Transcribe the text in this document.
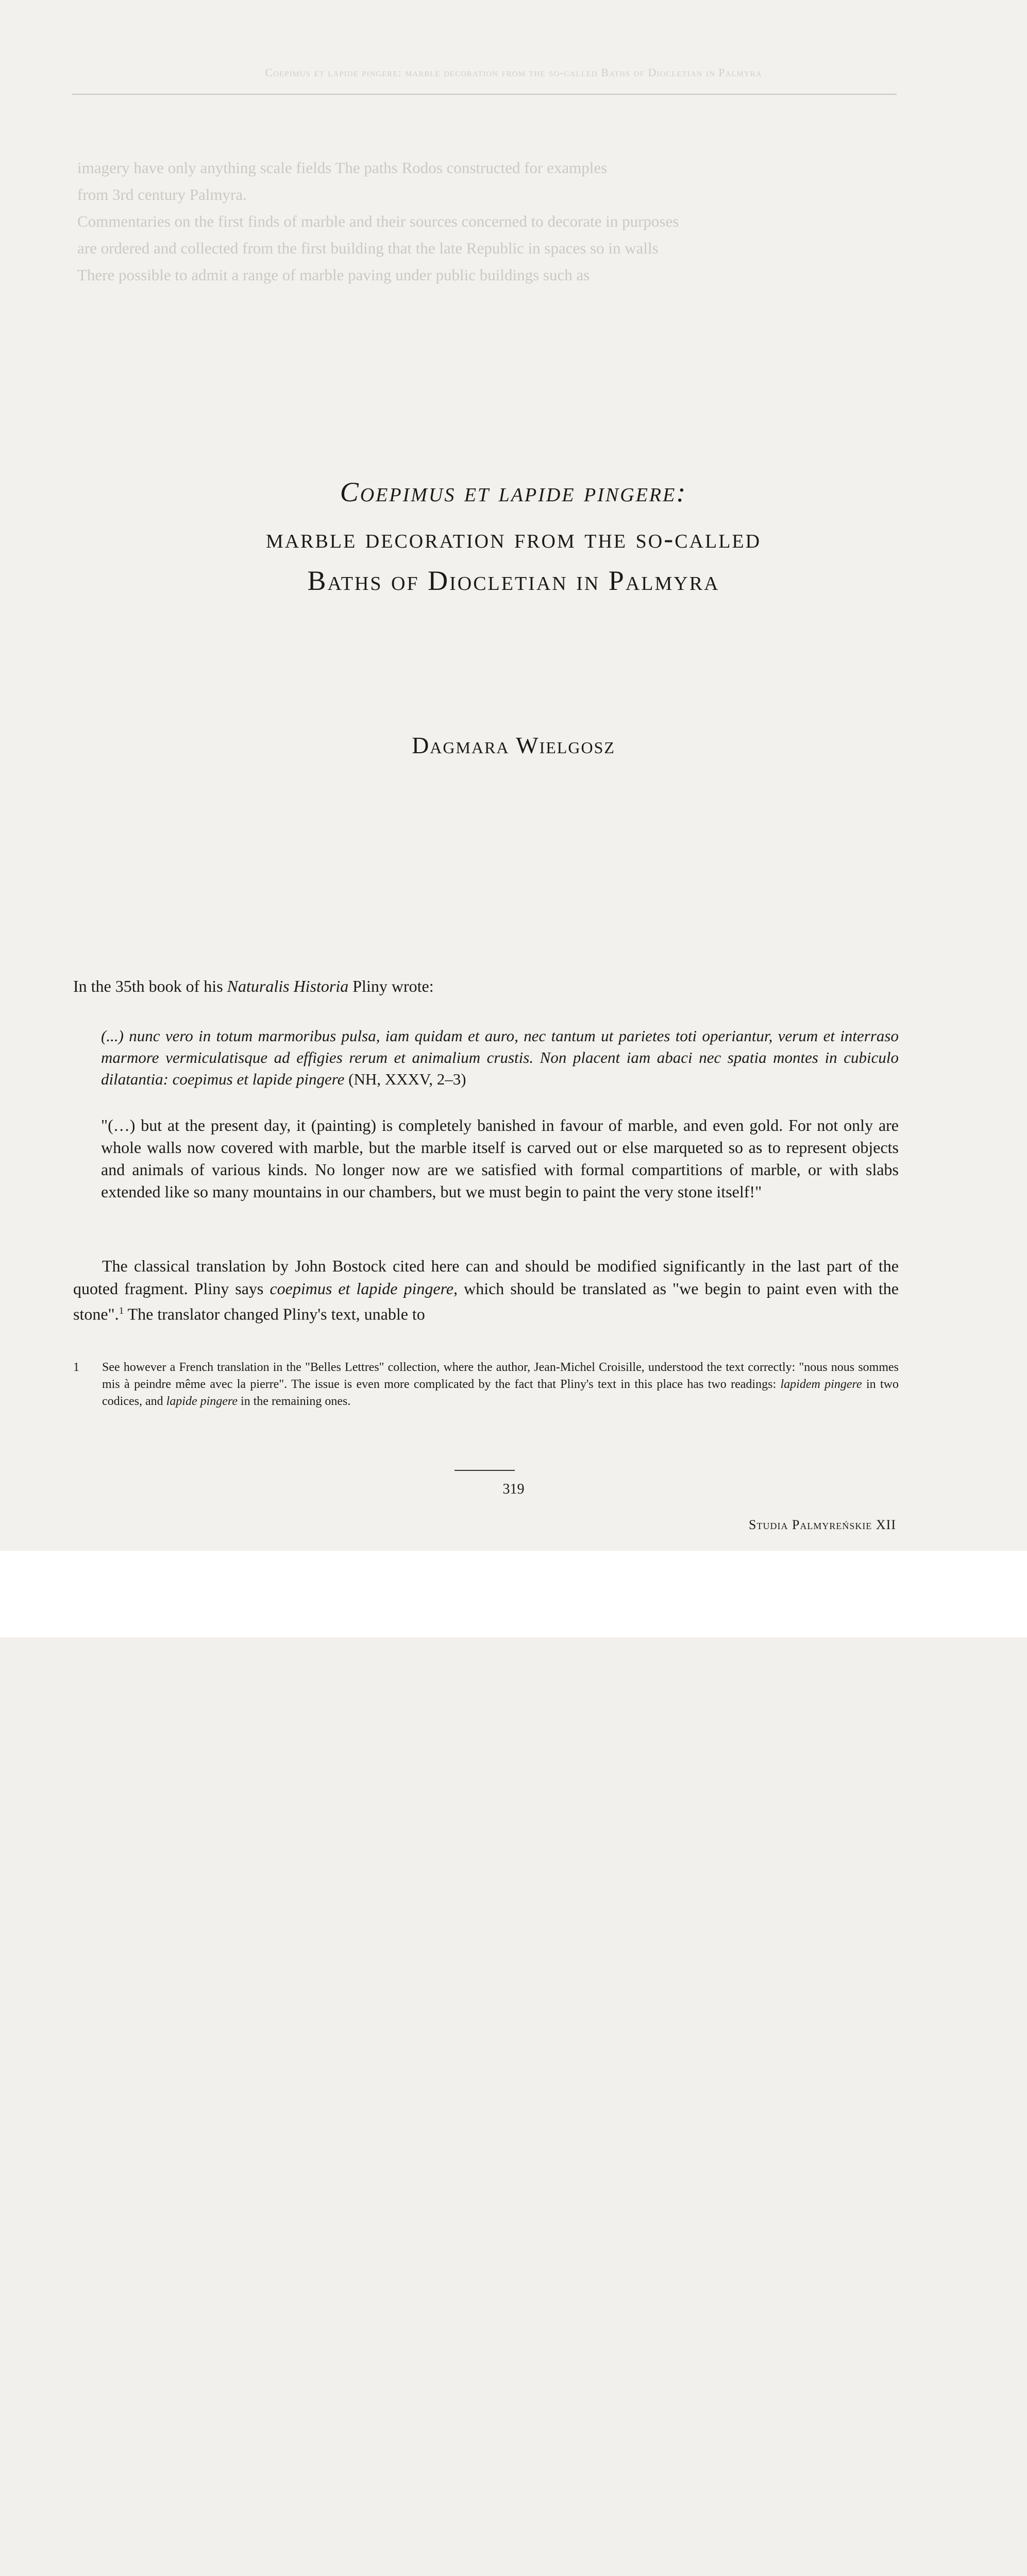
Coepimus et lapide pingere: marble decoration from the so-called Baths of Diocletian in Palmyra
imagery have only anything scale fields The paths Rodos constructed for examples
from 3rd century Palmyra.
Commentaries on the first finds of marble and their sources concerned to decorate in purposes
are ordered and collected from the first building that the late Republic in spaces so in walls
There possible to admit a range of marble paving under public buildings such as
Coepimus et lapide pingere:
marble decoration from the so-called
Baths of Diocletian in Palmyra
Dagmara Wielgosz
In the 35th book of his Naturalis Historia Pliny wrote:
(...) nunc vero in totum marmoribus pulsa, iam quidam et auro, nec tantum ut parietes toti operiantur, verum et interraso marmore vermiculatisque ad effigies rerum et animalium crustis. Non placent iam abaci nec spatia montes in cubiculo dilatantia: coepimus et lapide pingere (NH, XXXV, 2–3)
"(…) but at the present day, it (painting) is completely banished in favour of marble, and even gold. For not only are whole walls now covered with marble, but the marble itself is carved out or else marqueted so as to represent objects and animals of various kinds. No longer now are we satisfied with formal compartitions of marble, or with slabs extended like so many mountains in our chambers, but we must begin to paint the very stone itself!"
The classical translation by John Bostock cited here can and should be modified significantly in the last part of the quoted fragment. Pliny says coepimus et lapide pingere, which should be translated as "we begin to paint even with the stone".$^1$ The translator changed Pliny's text, unable to
1 See however a French translation in the "Belles Lettres" collection, where the author, Jean-Michel Croisille, understood the text correctly: "nous nous sommes mis à peindre même avec la pierre". The issue is even more complicated by the fact that Pliny's text in this place has two readings: lapidem pingere in two codices, and lapide pingere in the remaining ones.
319
Studia Palmyreńskie XII
